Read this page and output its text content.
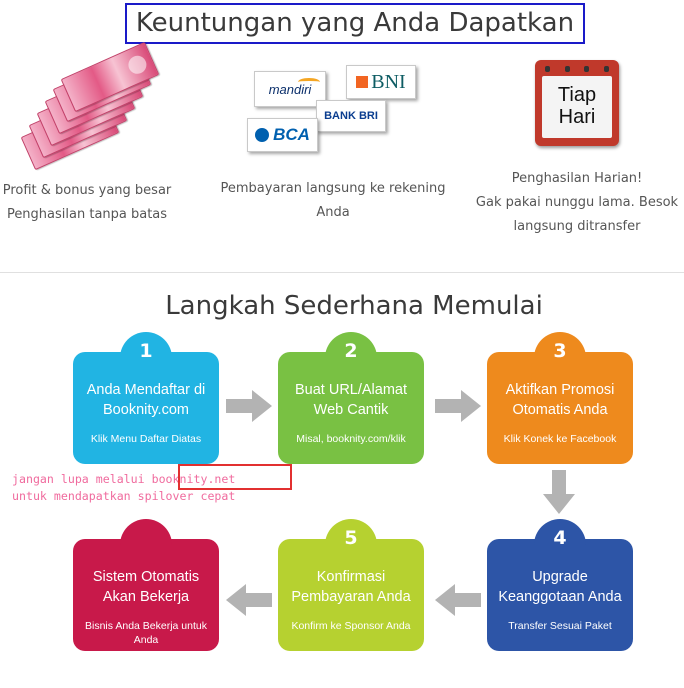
Keuntungan yang Anda Dapatkan
mandiri	BNI
BANK BRI
BCA
Tiap
Hari
Profit & bonus yang besar
Penghasilan tanpa batas
Pembayaran langsung ke rekening
Anda
Penghasilan Harian!
Gak pakai nunggu lama. Besok
langsung ditransfer
Langkah Sederhana Memulai
1
Anda Mendaftar di Booknity.com
Klik Menu Daftar Diatas
2
Buat URL/Alamat Web Cantik
Misal, booknity.com/klik
3
Aktifkan Promosi Otomatis Anda
Klik Konek ke Facebook
4
Upgrade Keanggotaan Anda
Transfer Sesuai Paket
5
Konfirmasi Pembayaran Anda
Konfirm ke Sponsor Anda
Sistem Otomatis Akan Bekerja
Bisnis Anda Bekerja untuk Anda
jangan lupa melalui booknity.net
untuk mendapatkan spilover cepat
